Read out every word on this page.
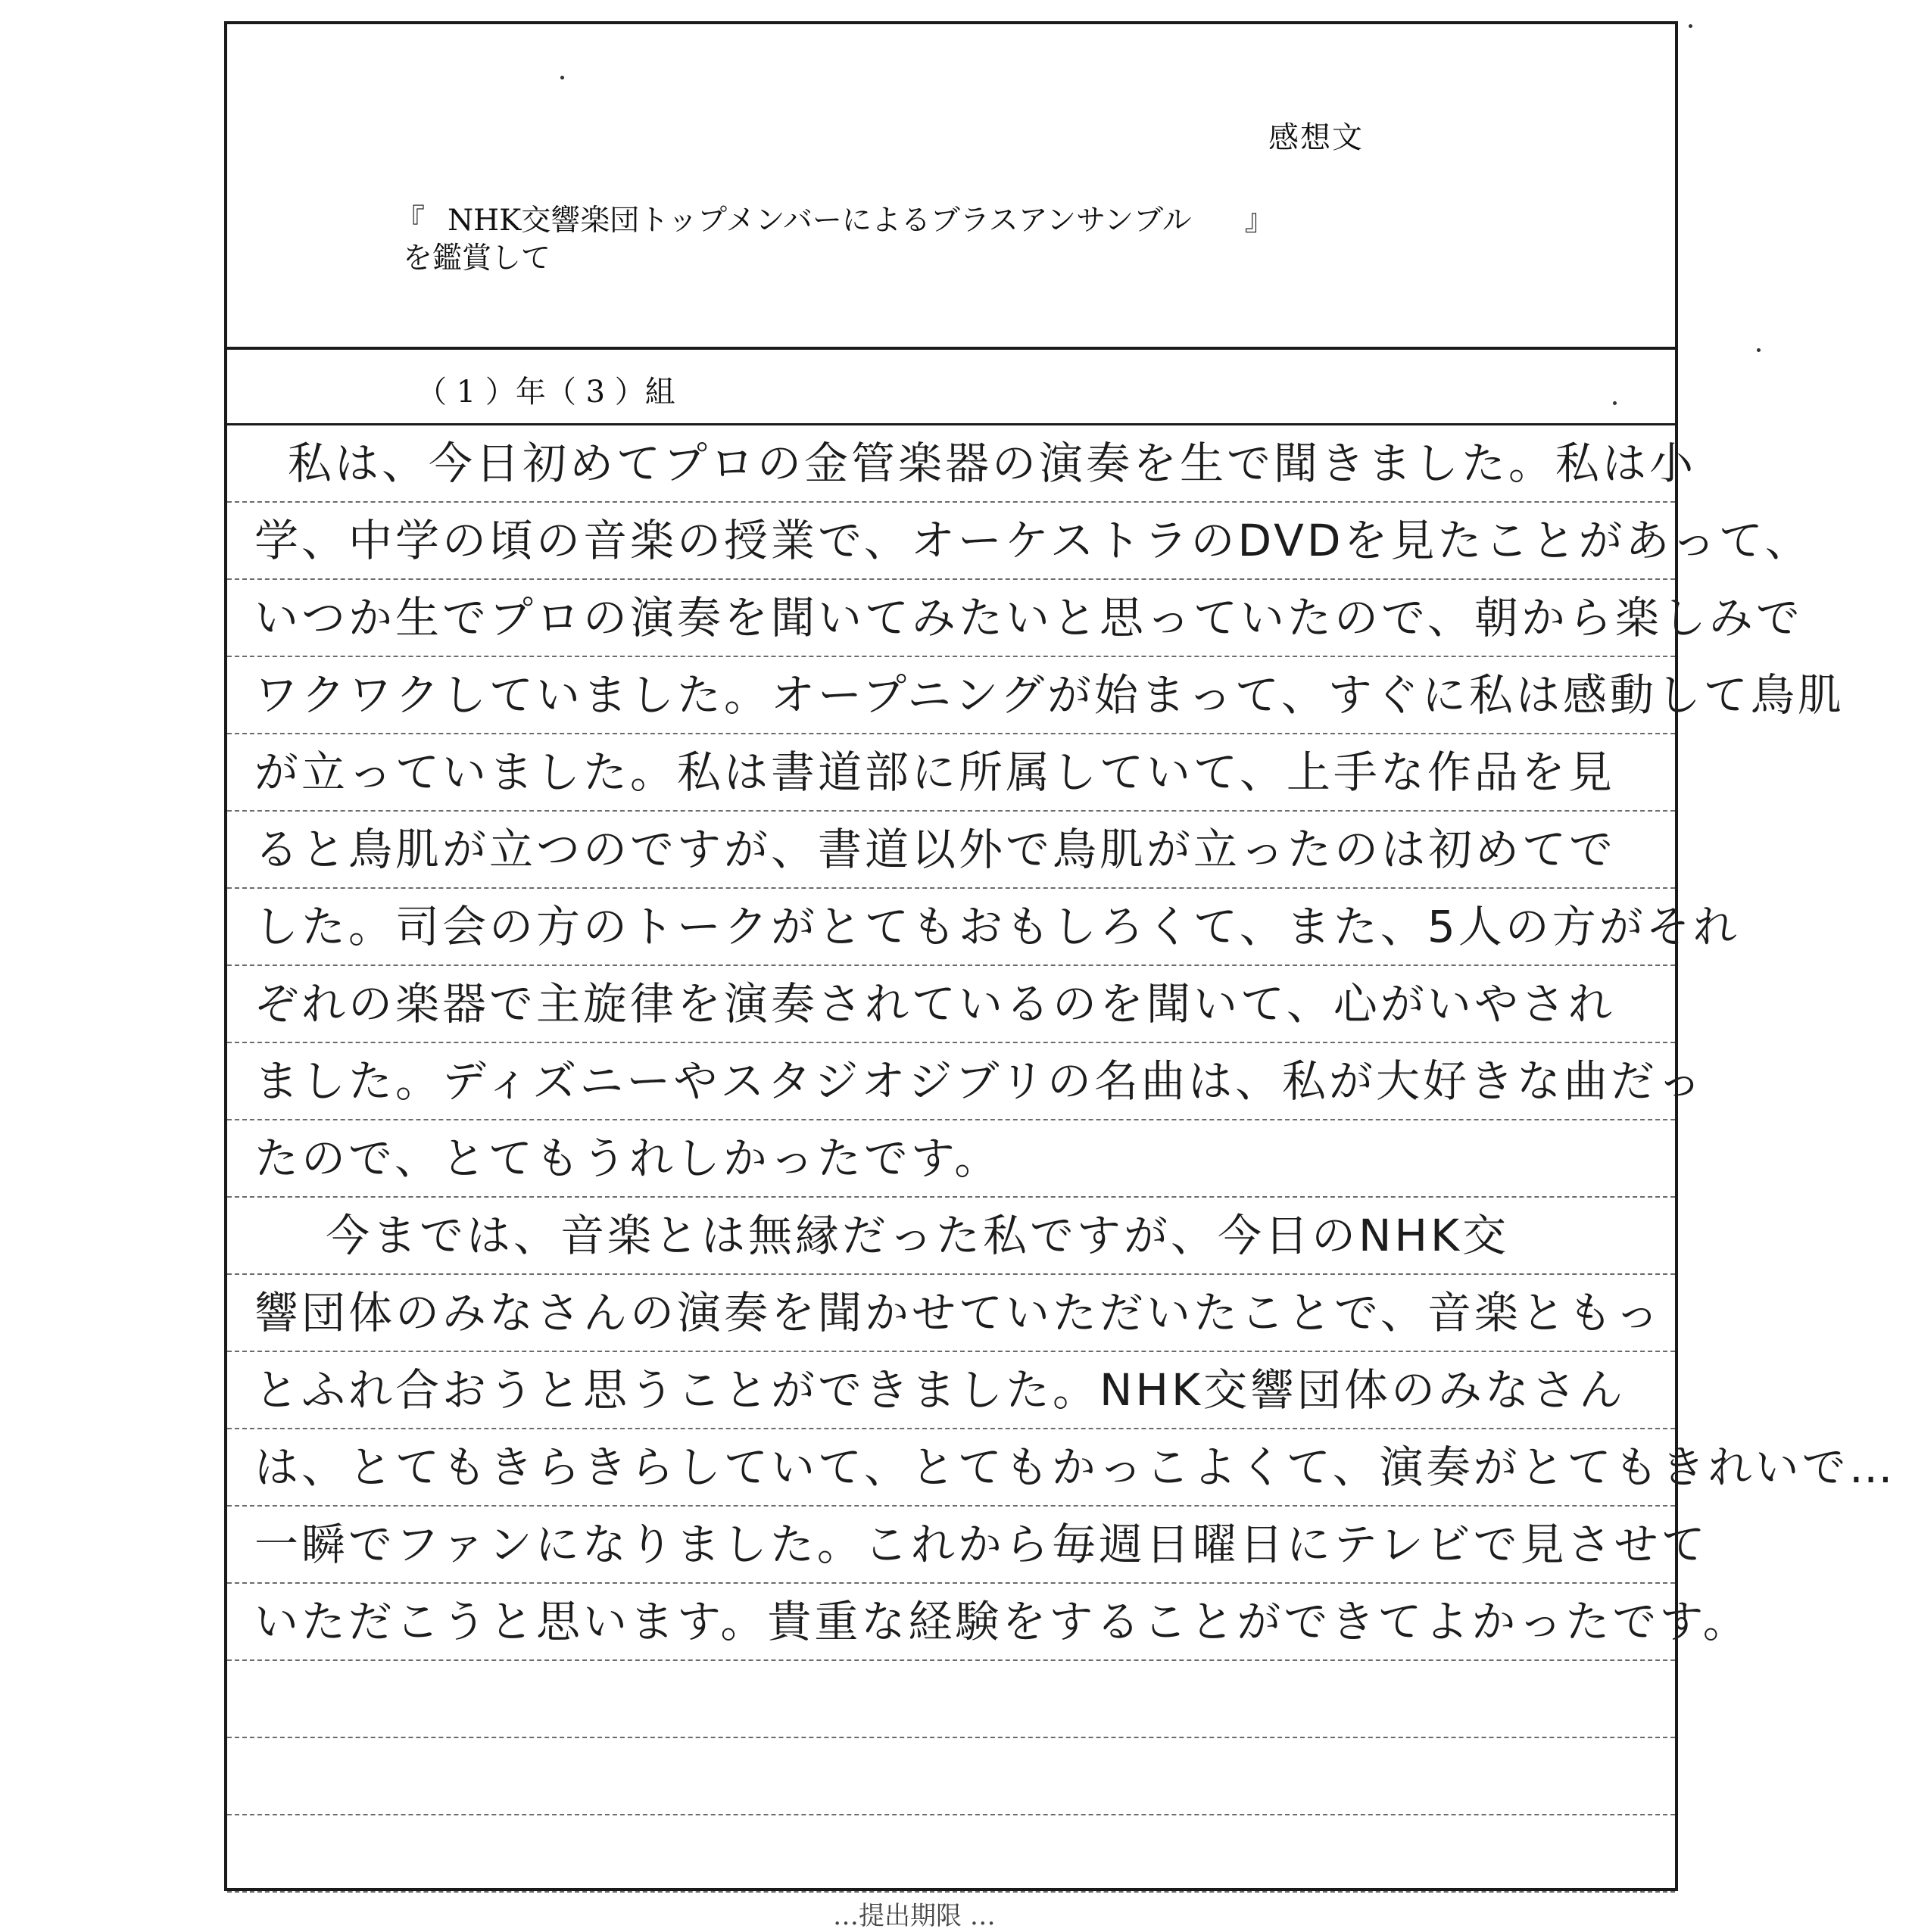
感想文
『 NHK交響楽団トップメンバーによるブラスアンサンブル 』
を鑑賞して
（ 1 ）年（ 3 ）組
私は、今日初めてプロの金管楽器の演奏を生で聞きました。私は小
学、中学の頃の音楽の授業で、オーケストラのDVDを見たことがあって、
いつか生でプロの演奏を聞いてみたいと思っていたので、朝から楽しみで
ワクワクしていました。オープニングが始まって、すぐに私は感動して鳥肌
が立っていました。私は書道部に所属していて、上手な作品を見
ると鳥肌が立つのですが、書道以外で鳥肌が立ったのは初めてで
した。司会の方のトークがとてもおもしろくて、また、5人の方がそれ
ぞれの楽器で主旋律を演奏されているのを聞いて、心がいやされ
ました。ディズニーやスタジオジブリの名曲は、私が大好きな曲だっ
たので、とてもうれしかったです。
今までは、音楽とは無縁だった私ですが、今日のNHK交
響団体のみなさんの演奏を聞かせていただいたことで、音楽ともっ
とふれ合おうと思うことができました。NHK交響団体のみなさん
は、とてもきらきらしていて、とてもかっこよくて、演奏がとてもきれいで…
一瞬でファンになりました。これから毎週日曜日にテレビで見させて
いただこうと思います。貴重な経験をすることができてよかったです。
…提出期限 …
